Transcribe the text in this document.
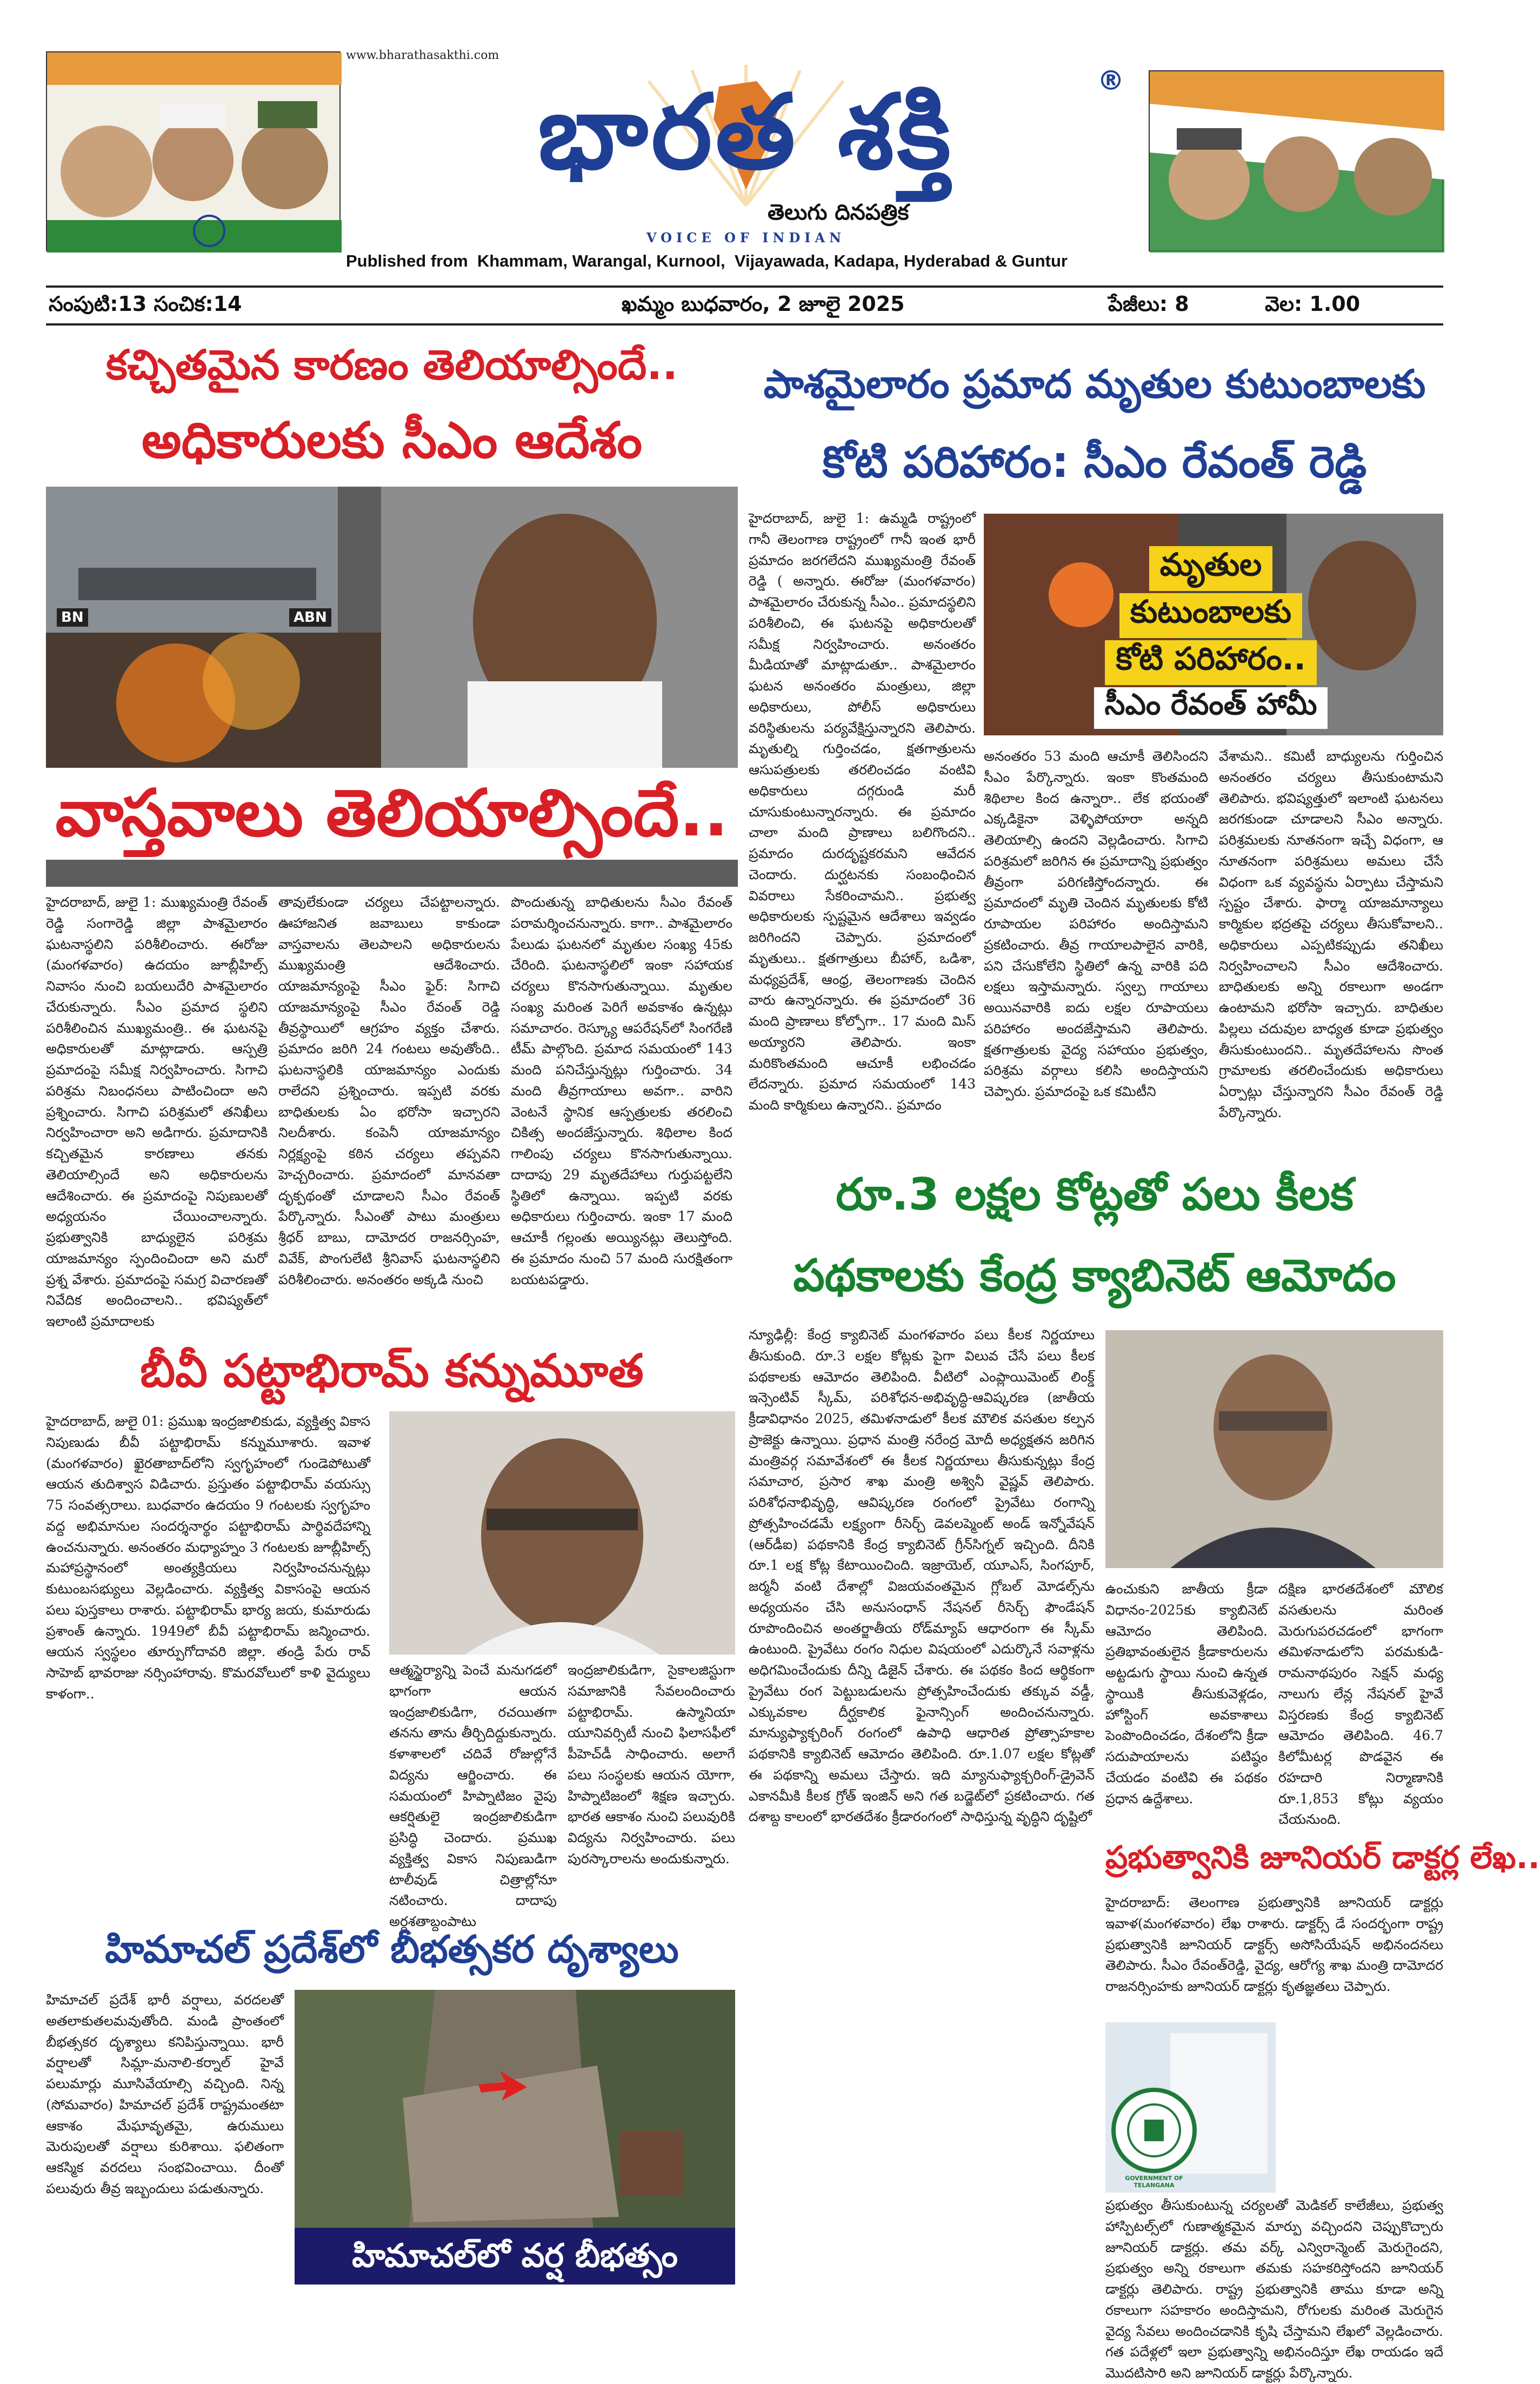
www.bharathasakthi.com
భారత శక్తి	®
తెలుగు దినపత్రిక
VOICE OF INDIAN
Published from  Khammam, Warangal, Kurnool,  Vijayawada, Kadapa, Hyderabad & Guntur
సంపుటి:13 సంచిక:14	ఖమ్మం బుధవారం, 2 జూలై 2025	పేజీలు: 8	వెల: 1.00
కచ్చితమైన కారణం తెలియాల్సిందే..
అధికారులకు సీఎం ఆదేశం
BN	ABN
వాస్తవాలు తెలియాల్సిందే..
హైదరాబాద్, జులై 1: ముఖ్యమంత్రి రేవంత్ రెడ్డి సంగారెడ్డి జిల్లా పాశమైలారం ఘటనాస్థలిని పరిశీలించారు. ఈరోజు (మంగళవారం) ఉదయం జూబ్లీహిల్స్ నివాసం నుంచి బయలుదేరి పాశమైలారం చేరుకున్నారు. సీఎం ప్రమాద స్థలిని పరిశీలించిన ముఖ్యమంత్రి.. ఈ ఘటనపై అధికారులతో మాట్లాడారు. ఆస్పత్రి ప్రమాదంపై సమీక్ష నిర్వహించారు. సిగాచి పరిశ్రమ నిబంధనలు పాటించిందా అని ప్రశ్నించారు. సిగాచి పరిశ్రమలో తనిఖీలు నిర్వహించారా అని అడిగారు. ప్రమాదానికి కచ్చితమైన కారణాలు తనకు తెలియాల్సిందే అని అధికారులను ఆదేశించారు. ఈ ప్రమాదంపై నిపుణులతో అధ్యయనం చేయించాలన్నారు. ప్రభుత్వానికి బాధ్యులైన పరిశ్రమ యాజమాన్యం స్పందించిందా అని మరో ప్రశ్న వేశారు. ప్రమాదంపై సమగ్ర విచారణతో నివేదిక అందించాలని.. భవిష్యత్‌లో ఇలాంటి ప్రమాదాలకు
తావులేకుండా చర్యలు చేపట్టాలన్నారు. ఊహాజనిత జవాబులు కాకుండా వాస్తవాలను తెలపాలని అధికారులను ముఖ్యమంత్రి ఆదేశించారు. యాజమాన్యంపై సీఎం ఫైర్: సిగాచి యాజమాన్యంపై సీఎం రేవంత్ రెడ్డి తీవ్రస్థాయిలో ఆగ్రహం వ్యక్తం చేశారు. ప్రమాదం జరిగి 24 గంటలు అవుతోంది.. ఘటనాస్థలికి యాజమాన్యం ఎందుకు రాలేదని ప్రశ్నించారు. ఇప్పటి వరకు బాధితులకు ఏం భరోసా ఇచ్చారని నిలదీశారు. కంపెనీ యాజమాన్యం నిర్లక్ష్యంపై కఠిన చర్యలు తప్పవని హెచ్చరించారు. ప్రమాదంలో మానవతా దృక్పథంతో చూడాలని సీఎం రేవంత్ పేర్కొన్నారు. సీఎంతో పాటు మంత్రులు శ్రీధర్ బాబు, దామోదర రాజనర్సింహ, వివేక్, పొంగులేటి శ్రీనివాస్ ఘటనాస్థలిని పరిశీలించారు. అనంతరం అక్కడి నుంచి
పొందుతున్న బాధితులను సీఎం రేవంత్ పరామర్శించనున్నారు. కాగా.. పాశమైలారం పేలుడు ఘటనలో మృతుల సంఖ్య 45కు చేరింది. ఘటనాస్థలిలో ఇంకా సహాయక చర్యలు కొనసాగుతున్నాయి. మృతుల సంఖ్య మరింత పెరిగే అవకాశం ఉన్నట్లు సమాచారం. రెస్క్యూ ఆపరేషన్‌లో సింగరేణి టీమ్ పాల్గొంది. ప్రమాద సమయంలో 143 మంది పనిచేస్తున్నట్లు గుర్తించారు. 34 మంది తీవ్రగాయాలు అవగా.. వారిని వెంటనే స్థానిక ఆస్పత్రులకు తరలించి చికిత్స అందజేస్తున్నారు. శిథిలాల కింద గాలింపు చర్యలు కొనసాగుతున్నాయి. దాదాపు 29 మృతదేహాలు గుర్తుపట్టలేని స్థితిలో ఉన్నాయి. ఇప్పటి వరకు అధికారులు గుర్తించారు. ఇంకా 17 మంది ఆచూకీ గల్లంతు అయ్యినట్లు తెలుస్తోంది. ఈ ప్రమాదం నుంచి 57 మంది సురక్షితంగా బయటపడ్డారు.
బీవీ పట్టాభిరామ్ కన్నుమూత
హైదరాబాద్, జులై 01: ప్రముఖ ఇంద్రజాలికుడు, వ్యక్తిత్వ వికాస నిపుణుడు బీవీ పట్టాభిరామ్ కన్నుమూశారు. ఇవాళ (మంగళవారం) ఖైరతాబాద్‌లోని స్వగృహంలో గుండెపోటుతో ఆయన తుదిశ్వాస విడిచారు. ప్రస్తుతం పట్టాభిరామ్ వయస్సు 75 సంవత్సరాలు. బుధవారం ఉదయం 9 గంటలకు స్వగృహం వద్ద అభిమానుల సందర్శనార్థం పట్టాభిరామ్ పార్థివదేహాన్ని ఉంచనున్నారు. అనంతరం మధ్యాహ్నం 3 గంటలకు జూబ్లీహిల్స్ మహాప్రస్థానంలో అంత్యక్రియలు నిర్వహించనున్నట్లు కుటుంబసభ్యులు వెల్లడించారు. వ్యక్తిత్వ వికాసంపై ఆయన పలు పుస్తకాలు రాశారు. పట్టాభిరామ్ భార్య జయ, కుమారుడు ప్రశాంత్ ఉన్నారు. 1949లో బీవీ పట్టాభిరామ్ జన్మించారు. ఆయన స్వస్థలం తూర్పుగోదావరి జిల్లా. తండ్రి పేరు రావ్ సాహెబ్ భావరాజు నర్సింహారావు. కొమరవోలులో కాళి వైద్యులు కాళంగా..
ఆత్మస్థైర్యాన్ని పెంచే మనుగడలో భాగంగా ఆయన ఇంద్రజాలికుడిగా, రచయితగా తనను తాను తీర్చిదిద్దుకున్నారు. కళాశాలలో చదివే రోజుల్లోనే విద్యను ఆర్జించారు. ఈ సమయంలో హిప్నాటిజం వైపు ఆకర్షితులై ఇంద్రజాలికుడిగా ప్రసిద్ధి చెందారు. ప్రముఖ వ్యక్తిత్వ వికాస నిపుణుడిగా టాలీవుడ్ చిత్రాల్లోనూ నటించారు. దాదాపు అర్ధశతాబ్దంపాటు
ఇంద్రజాలికుడిగా, సైకాలజిస్టుగా సమాజానికి సేవలందించారు పట్టాభిరామ్. ఉస్మానియా యూనివర్సిటీ నుంచి ఫిలాసఫీలో పీహెచ్‌డీ సాధించారు. అలాగే పలు సంస్థలకు ఆయన యోగా, హిప్నాటిజంలో శిక్షణ ఇచ్చారు. భారత ఆకాశం నుంచి పలువురికి విద్యను నిర్వహించారు. పలు పురస్కారాలను అందుకున్నారు.
హిమాచల్ ప్రదేశ్‌లో బీభత్సకర దృశ్యాలు
హిమాచల్ ప్రదేశ్ భారీ వర్షాలు, వరదలతో అతలాకుతలమవుతోంది. మండి ప్రాంతంలో బీభత్సకర దృశ్యాలు కనిపిస్తున్నాయి. భారీ వర్షాలతో సిమ్లా-మనాలి-కర్నాల్ హైవే పలుమార్లు మూసివేయాల్సి వచ్చింది. నిన్న (సోమవారం) హిమాచల్ ప్రదేశ్ రాష్ట్రమంతటా ఆకాశం మేఘావృతమై, ఉరుములు మెరుపులతో వర్షాలు కురిశాయి. ఫలితంగా ఆకస్మిక వరదలు సంభవించాయి. దీంతో పలువురు తీవ్ర ఇబ్బందులు పడుతున్నారు.
హిమాచల్‌లో వర్ష బీభత్సం
పాశమైలారం ప్రమాద మృతుల కుటుంబాలకు
కోటి పరిహారం: సీఎం రేవంత్ రెడ్డి
హైదరాబాద్, జులై 1: ఉమ్మడి రాష్ట్రంలో గానీ తెలంగాణ రాష్ట్రంలో గానీ ఇంత భారీ ప్రమాదం జరగలేదని ముఖ్యమంత్రి రేవంత్ రెడ్డి ( అన్నారు. ఈరోజు (మంగళవారం) పాశమైలారం చేరుకున్న సీఎం.. ప్రమాదస్థలిని పరిశీలించి, ఈ ఘటనపై అధికారులతో సమీక్ష నిర్వహించారు. అనంతరం మీడియాతో మాట్లాడుతూ.. పాశమైలారం ఘటన అనంతరం మంత్రులు, జిల్లా అధికారులు, పోలీస్ అధికారులు వరిస్థితులను పర్యవేక్షిస్తున్నారని తెలిపారు. మృతుల్ని గుర్తించడం, క్షతగాత్రులను ఆసుపత్రులకు తరలించడం వంటివి అధికారులు దగ్గరుండి మరీ చూసుకుంటున్నారన్నారు. ఈ ప్రమాదం చాలా మంది ప్రాణాలు బలిగొందని.. ప్రమాదం దురదృష్టకరమని ఆవేదన చెందారు. దుర్ఘటనకు సంబంధించిన వివరాలు సేకరించామని.. ప్రభుత్వ అధికారులకు స్పష్టమైన ఆదేశాలు ఇవ్వడం జరిగిందని చెప్పారు. ప్రమాదంలో మృతులు.. క్షతగాత్రులు బీహార్, ఒడిశా, మధ్యప్రదేశ్, ఆంధ్ర, తెలంగాణకు చెందిన వారు ఉన్నారన్నారు. ఈ ప్రమాదంలో 36 మంది ప్రాణాలు కోల్పోగా.. 17 మంది మిస్ అయ్యారని తెలిపారు. ఇంకా మరికొంతమంది ఆచూకీ లభించడం లేదన్నారు. ప్రమాద సమయంలో 143 మంది కార్మికులు ఉన్నారని.. ప్రమాదం
మృతుల
కుటుంబాలకు
కోటి పరిహారం..
సీఎం రేవంత్ హామీ
అనంతరం 53 మంది ఆచూకీ తెలిసిందని సీఎం పేర్కొన్నారు. ఇంకా కొంతమంది శిథిలాల కింద ఉన్నారా.. లేక భయంతో ఎక్కడికైనా వెళ్ళిపోయారా అన్నది తెలియాల్సి ఉందని వెల్లడించారు. సిగాచి పరిశ్రమలో జరిగిన ఈ ప్రమాదాన్ని ప్రభుత్వం తీవ్రంగా పరిగణిస్తోందన్నారు. ఈ ప్రమాదంలో మృతి చెందిన మృతులకు కోటి రూపాయల పరిహారం అందిస్తామని ప్రకటించారు. తీవ్ర గాయాలపాలైన వారికి, పని చేసుకోలేని స్థితిలో ఉన్న వారికి పది లక్షలు ఇస్తామన్నారు. స్వల్ప గాయాలు అయినవారికి ఐదు లక్షల రూపాయలు పరిహారం అందజేస్తామని తెలిపారు. క్షతగాత్రులకు వైద్య సహాయం ప్రభుత్వం, పరిశ్రమ వర్గాలు కలిసి అందిస్తాయని చెప్పారు. ప్రమాదంపై ఒక కమిటీని
వేశామని.. కమిటీ బాధ్యులను గుర్తించిన అనంతరం చర్యలు తీసుకుంటామని తెలిపారు. భవిష్యత్తులో ఇలాంటి ఘటనలు జరగకుండా చూడాలని సీఎం అన్నారు. పరిశ్రమలకు నూతనంగా ఇచ్చే విధంగా, ఆ నూతనంగా పరిశ్రమలు అమలు చేసే విధంగా ఒక వ్యవస్థను ఏర్పాటు చేస్తామని స్పష్టం చేశారు. ఫార్మా యాజమాన్యాలు కార్మికుల భద్రతపై చర్యలు తీసుకోవాలని.. అధికారులు ఎప్పటికప్పుడు తనిఖీలు నిర్వహించాలని సీఎం ఆదేశించారు. బాధితులకు అన్ని రకాలుగా అండగా ఉంటామని భరోసా ఇచ్చారు. బాధితుల పిల్లలు చదువుల బాధ్యత కూడా ప్రభుత్వం తీసుకుంటుందని.. మృతదేహాలను సొంత గ్రామాలకు తరలించేందుకు అధికారులు ఏర్పాట్లు చేస్తున్నారని సీఎం రేవంత్ రెడ్డి పేర్కొన్నారు.
రూ.3 లక్షల కోట్లతో పలు కీలక
పథకాలకు కేంద్ర క్యాబినెట్ ఆమోదం
న్యూఢిల్లీ: కేంద్ర క్యాబినెట్ మంగళవారం పలు కీలక నిర్ణయాలు తీసుకుంది. రూ.3 లక్షల కోట్లకు పైగా విలువ చేసే పలు కీలక పథకాలకు ఆమోదం తెలిపింది. వీటిలో ఎంప్లాయిమెంట్ లింక్డ్ ఇన్సెంటివ్ స్కీమ్, పరిశోధన-అభివృద్ధి-ఆవిష్కరణ (జాతీయ క్రీడావిధానం 2025, తమిళనాడులో కీలక మౌలిక వసతుల కల్పన ప్రాజెక్టు ఉన్నాయి. ప్రధాన మంత్రి నరేంద్ర మోదీ అధ్యక్షతన జరిగిన మంత్రివర్గ సమావేశంలో ఈ కీలక నిర్ణయాలు తీసుకున్నట్లు కేంద్ర సమాచార, ప్రసార శాఖ మంత్రి అశ్వినీ వైష్ణవ్ తెలిపారు. పరిశోధనాభివృద్ధి, ఆవిష్కరణ రంగంలో ప్రైవేటు రంగాన్ని ప్రోత్సహించడమే లక్ష్యంగా రీసెర్చ్ డెవలప్మెంట్ అండ్ ఇన్నోవేషన్ (ఆర్‌డీఐ) పథకానికి కేంద్ర క్యాబినెట్ గ్రీన్‌సిగ్నల్ ఇచ్చింది. దీనికి రూ.1 లక్ష కోట్ల కేటాయించింది. ఇజ్రాయెల్, యూఎస్, సింగపూర్, జర్మనీ వంటి దేశాల్లో విజయవంతమైన గ్లోబల్ మోడల్స్‌ను అధ్యయనం చేసి అనుసంధాన్ నేషనల్ రీసెర్చ్ ఫౌండేషన్ రూపొందించిన అంతర్జాతీయ రోడ్‌మ్యాప్ ఆధారంగా ఈ స్కీమ్ ఉంటుంది. ప్రైవేటు రంగం నిధుల విషయంలో ఎదుర్కొనే సవాళ్లను అధిగమించేందుకు దీన్ని డిజైన్ చేశారు. ఈ పథకం కింద ఆర్థికంగా ప్రైవేటు రంగ పెట్టుబడులను ప్రోత్సహించేందుకు తక్కువ వడ్డీ, ఎక్కువకాల దీర్ఘకాలిక ఫైనాన్సింగ్ అందించనున్నారు. మాన్యుఫ్యాక్చరింగ్ రంగంలో ఉపాధి ఆధారిత ప్రోత్సాహకాల పథకానికి క్యాబినెట్ ఆమోదం తెలిపింది. రూ.1.07 లక్షల కోట్లతో ఈ పథకాన్ని అమలు చేస్తారు. ఇది మ్యానుఫ్యాక్చరింగ్-డ్రైవెన్ ఎకానమీకి కీలక గ్రోత్ ఇంజిన్ అని గత బడ్జెట్‌లో ప్రకటించారు. గత దశాబ్ద కాలంలో భారతదేశం క్రీడారంగంలో సాధిస్తున్న వృద్ధిని దృష్టిలో
ఉంచుకుని జాతీయ క్రీడా విధానం-2025కు క్యాబినెట్ ఆమోదం తెలిపింది. ప్రతిభావంతులైన క్రీడాకారులను అట్టడుగు స్థాయి నుంచి ఉన్నత స్థాయికి తీసుకువెళ్లడం, హోస్టింగ్ అవకాశాలు పెంపొందించడం, దేశంలోని క్రీడా సదుపాయాలను పటిష్ఠం చేయడం వంటివి ఈ పథకం ప్రధాన ఉద్దేశాలు.
దక్షిణ భారతదేశంలో మౌలిక వసతులను మరింత మెరుగుపరచడంలో భాగంగా తమిళనాడులోని పరమకుడి-రామనాథపురం సెక్షన్ మధ్య నాలుగు లేన్ల నేషనల్ హైవే విస్తరణకు కేంద్ర క్యాబినెట్ ఆమోదం తెలిపింది. 46.7 కిలోమీటర్ల పొడవైన ఈ రహదారి నిర్మాణానికి రూ.1,853 కోట్లు వ్యయం చేయనుంది.
ప్రభుత్వానికి జూనియర్ డాక్టర్ల లేఖ..
హైదరాబాద్: తెలంగాణ ప్రభుత్వానికి జూనియర్ డాక్టర్లు ఇవాళ(మంగళవారం) లేఖ రాశారు. డాక్టర్స్ డే సందర్భంగా రాష్ట్ర ప్రభుత్వానికి జూనియర్ డాక్టర్స్ అసోసియేషన్ అభినందనలు తెలిపారు. సీఎం రేవంత్‌రెడ్డి, వైద్య, ఆరోగ్య శాఖ మంత్రి దామోదర రాజనర్సింహకు జూనియర్ డాక్టర్లు కృతజ్ఞతలు చెప్పారు.
GOVERNMENT OF TELANGANA
ప్రభుత్వం తీసుకుంటున్న చర్యలతో మెడికల్ కాలేజీలు, ప్రభుత్వ హాస్పిటల్స్‌లో గుణాత్మకమైన మార్పు వచ్చిందని చెప్పుకొచ్చారు జూనియర్ డాక్టర్లు. తమ వర్క్ ఎన్విరాన్మెంట్ మెరుగైందని, ప్రభుత్వం అన్ని రకాలుగా తమకు సహకరిస్తోందని జూనియర్ డాక్టర్లు తెలిపారు. రాష్ట్ర ప్రభుత్వానికి తాము కూడా అన్ని రకాలుగా సహకారం అందిస్తామని, రోగులకు మరింత మెరుగైన వైద్య సేవలు అందించడానికి కృషి చేస్తామని లేఖలో వెల్లడించారు. గత పదేళ్లలో ఇలా ప్రభుత్వాన్ని అభినందిస్తూ లేఖ రాయడం ఇదే మొదటిసారి అని జూనియర్ డాక్టర్లు పేర్కొన్నారు.
